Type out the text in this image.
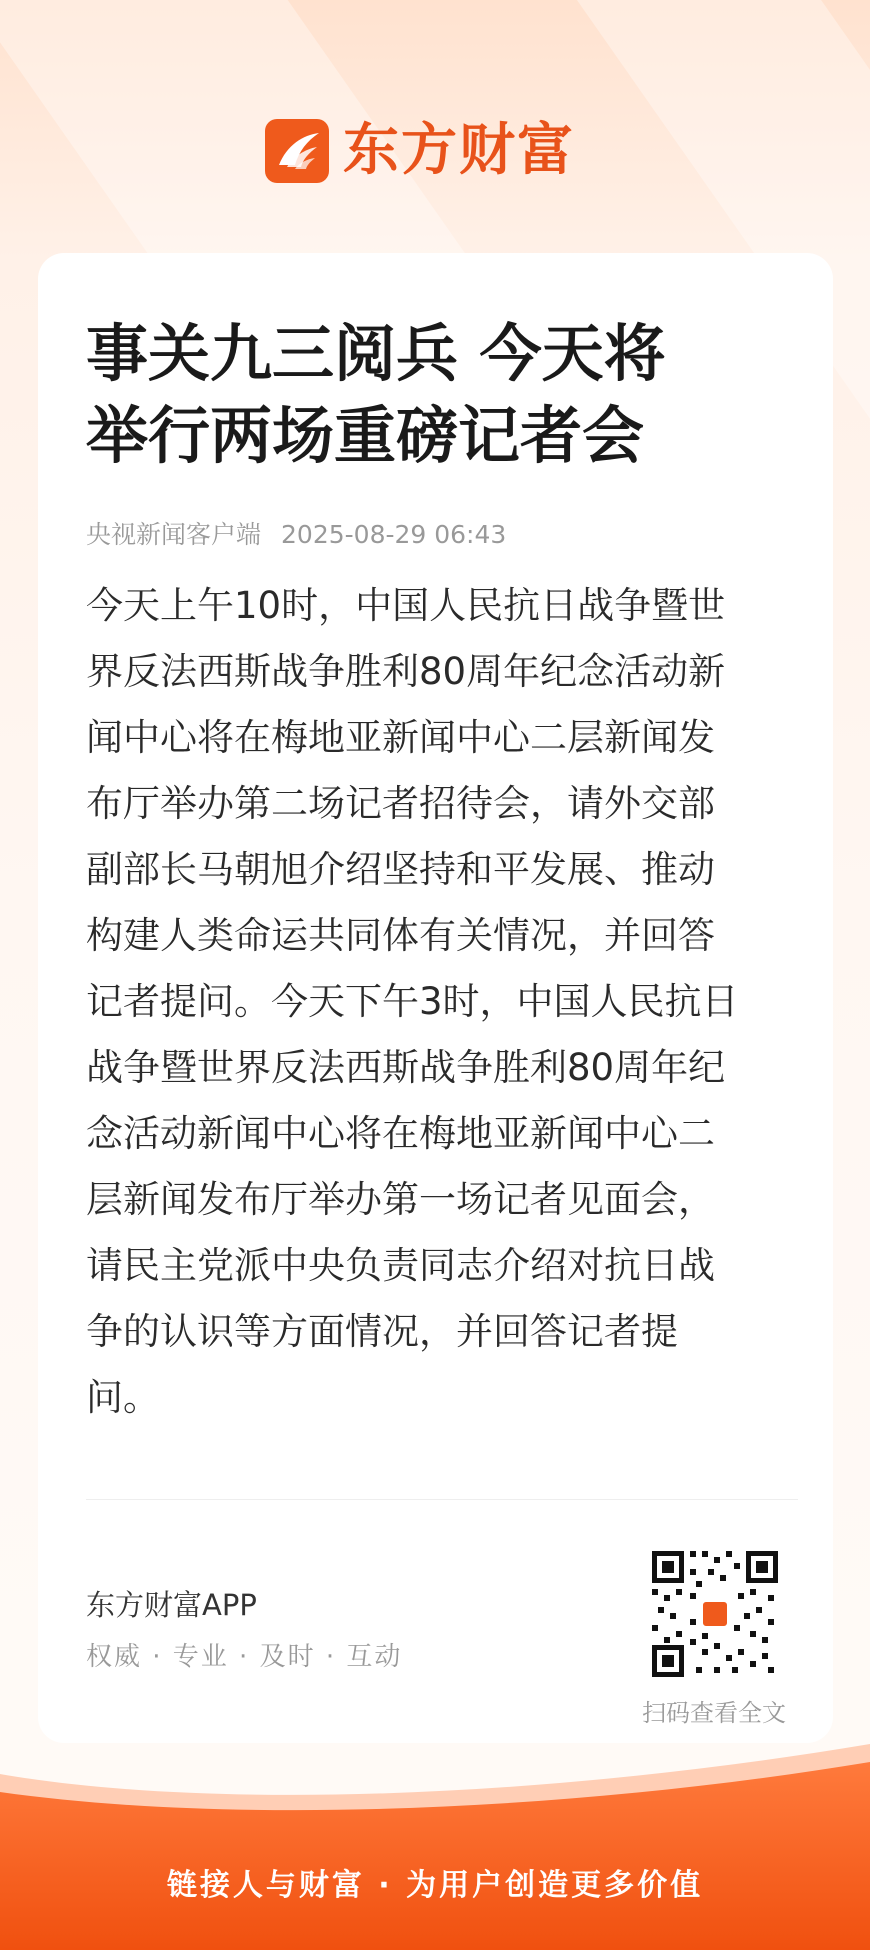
东方财富
事关九三阅兵 今天将
举行两场重磅记者会
央视新闻客户端 2025-08-29 06:43
今天上午10时，中国人民抗日战争暨世
界反法西斯战争胜利80周年纪念活动新
闻中心将在梅地亚新闻中心二层新闻发
布厅举办第二场记者招待会，请外交部
副部长马朝旭介绍坚持和平发展、推动
构建人类命运共同体有关情况，并回答
记者提问。今天下午3时，中国人民抗日
战争暨世界反法西斯战争胜利80周年纪
念活动新闻中心将在梅地亚新闻中心二
层新闻发布厅举办第一场记者见面会，
请民主党派中央负责同志介绍对抗日战
争的认识等方面情况，并回答记者提
问。
东方财富APP
权威 · 专业 · 及时 · 互动
扫码查看全文
链接人与财富 · 为用户创造更多价值
